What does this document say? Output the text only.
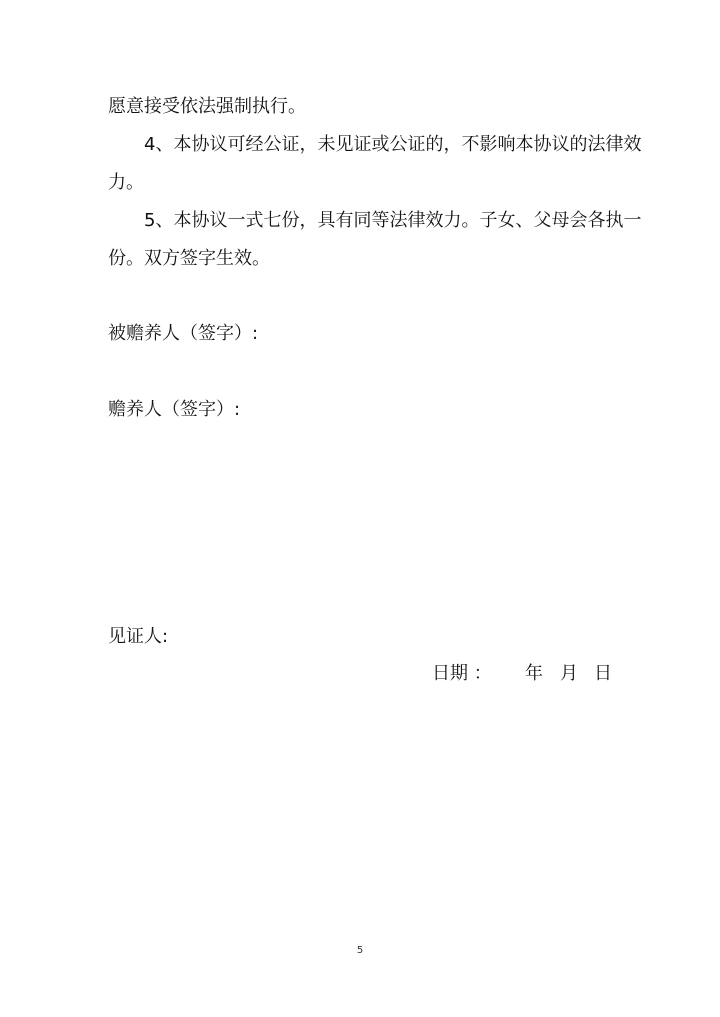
愿意接受依法强制执行。
4、本协议可经公证，未见证或公证的，不影响本协议的法律效
力。
5、本协议一式七份，具有同等法律效力。子女、父母会各执一
份。双方签字生效。
被赡养人（签字）:
赡养人（签字）:
见证人:
日期 ： 年 月 日
5
